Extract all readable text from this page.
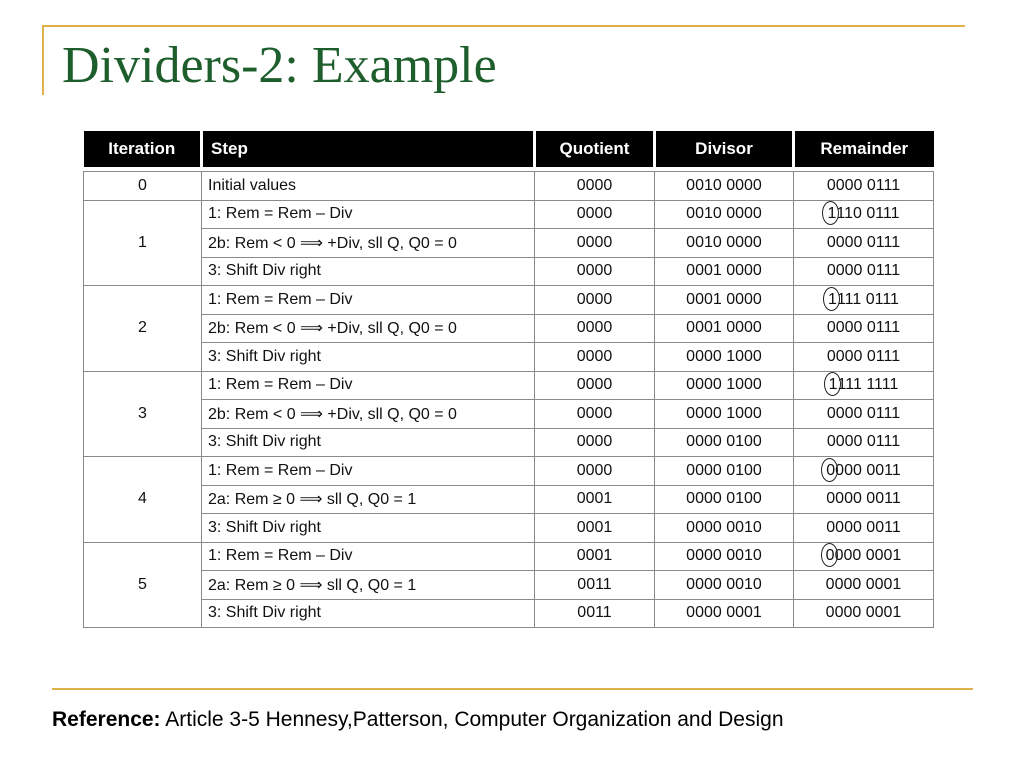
Dividers-2: Example
Iteration	Step	Quotient	Divisor	Remainder

0	Initial values	0000	0010 0000	0000 0111
1	1: Rem = Rem – Div	0000	0010 0000	1110 0111
	2b: Rem < 0 ⟹ +Div, sll Q, Q0 = 0	0000	0010 0000	0000 0111
	3: Shift Div right	0000	0001 0000	0000 0111
2	1: Rem = Rem – Div	0000	0001 0000	1111 0111
	2b: Rem < 0 ⟹ +Div, sll Q, Q0 = 0	0000	0001 0000	0000 0111
	3: Shift Div right	0000	0000 1000	0000 0111
3	1: Rem = Rem – Div	0000	0000 1000	1111 1111
	2b: Rem < 0 ⟹ +Div, sll Q, Q0 = 0	0000	0000 1000	0000 0111
	3: Shift Div right	0000	0000 0100	0000 0111
4	1: Rem = Rem – Div	0000	0000 0100	0000 0011
	2a: Rem ≥ 0 ⟹ sll Q, Q0 = 1	0001	0000 0100	0000 0011
	3: Shift Div right	0001	0000 0010	0000 0011
5	1: Rem = Rem – Div	0001	0000 0010	0000 0001
	2a: Rem ≥ 0 ⟹ sll Q, Q0 = 1	0011	0000 0010	0000 0001
	3: Shift Div right	0011	0000 0001	0000 0001
Reference: Article 3-5 Hennesy,Patterson, Computer Organization and Design
